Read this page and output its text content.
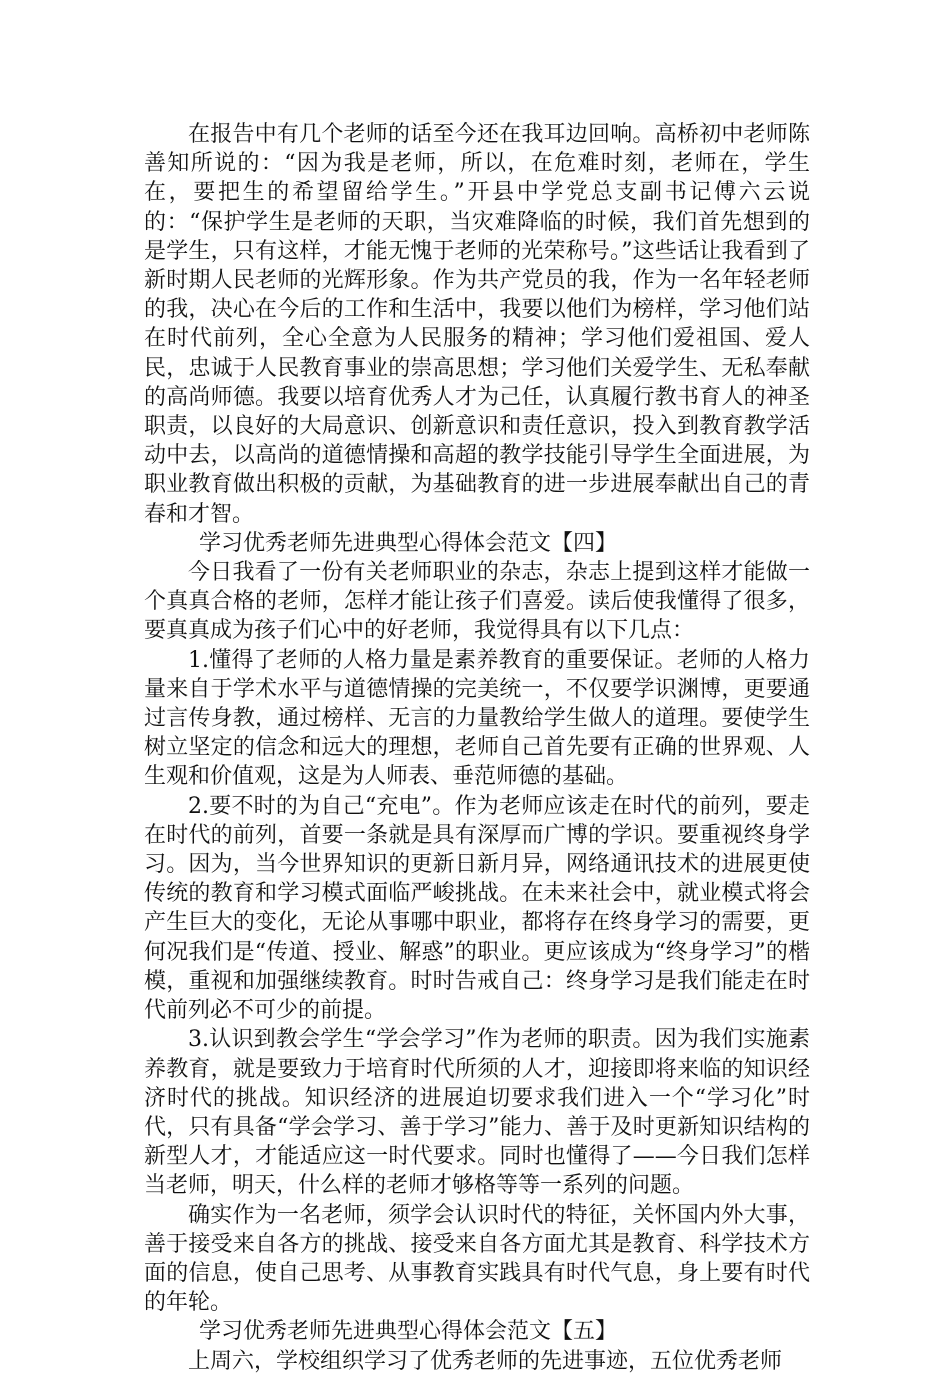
在报告中有几个老师的话至今还在我耳边回响。高桥初中老师陈善知所说的：“因为我是老师，所以，在危难时刻，老师在，学生在，要把生的希望留给学生。”开县中学党总支副书记傅六云说的：“保护学生是老师的天职，当灾难降临的时候，我们首先想到的是学生，只有这样，才能无愧于老师的光荣称号。”这些话让我看到了新时期人民老师的光辉形象。作为共产党员的我，作为一名年轻老师的我，决心在今后的工作和生活中，我要以他们为榜样，学习他们站在时代前列，全心全意为人民服务的精神；学习他们爱祖国、爱人民，忠诚于人民教育事业的崇高思想；学习他们关爱学生、无私奉献的高尚师德。我要以培育优秀人才为己任，认真履行教书育人的神圣职责，以良好的大局意识、创新意识和责任意识，投入到教育教学活动中去，以高尚的道德情操和高超的教学技能引导学生全面进展，为职业教育做出积极的贡献，为基础教育的进一步进展奉献出自己的青春和才智。

学习优秀老师先进典型心得体会范文【四】

今日我看了一份有关老师职业的杂志，杂志上提到这样才能做一个真真合格的老师，怎样才能让孩子们喜爱。读后使我懂得了很多，要真真成为孩子们心中的好老师，我觉得具有以下几点：

1.懂得了老师的人格力量是素养教育的重要保证。老师的人格力量来自于学术水平与道德情操的完美统一，不仅要学识渊博，更要通过言传身教，通过榜样、无言的力量教给学生做人的道理。要使学生树立坚定的信念和远大的理想，老师自己首先要有正确的世界观、人生观和价值观，这是为人师表、垂范师德的基础。

2.要不时的为自己“充电”。作为老师应该走在时代的前列，要走在时代的前列，首要一条就是具有深厚而广博的学识。要重视终身学习。因为，当今世界知识的更新日新月异，网络通讯技术的进展更使传统的教育和学习模式面临严峻挑战。在未来社会中，就业模式将会产生巨大的变化，无论从事哪中职业，都将存在终身学习的需要，更何况我们是“传道、授业、解惑”的职业。更应该成为“终身学习”的楷模，重视和加强继续教育。时时告戒自己：终身学习是我们能走在时代前列必不可少的前提。

3.认识到教会学生“学会学习”作为老师的职责。因为我们实施素养教育，就是要致力于培育时代所须的人才，迎接即将来临的知识经济时代的挑战。知识经济的进展迫切要求我们进入一个“学习化”时代，只有具备“学会学习、善于学习”能力、善于及时更新知识结构的新型人才，才能适应这一时代要求。同时也懂得了——今日我们怎样当老师，明天，什么样的老师才够格等等一系列的问题。

确实作为一名老师，须学会认识时代的特征，关怀国内外大事，善于接受来自各方的挑战、接受来自各方面尤其是教育、科学技术方面的信息，使自己思考、从事教育实践具有时代气息，身上要有时代的年轮。

学习优秀老师先进典型心得体会范文【五】

上周六，学校组织学习了优秀老师的先进事迹，五位优秀老师
